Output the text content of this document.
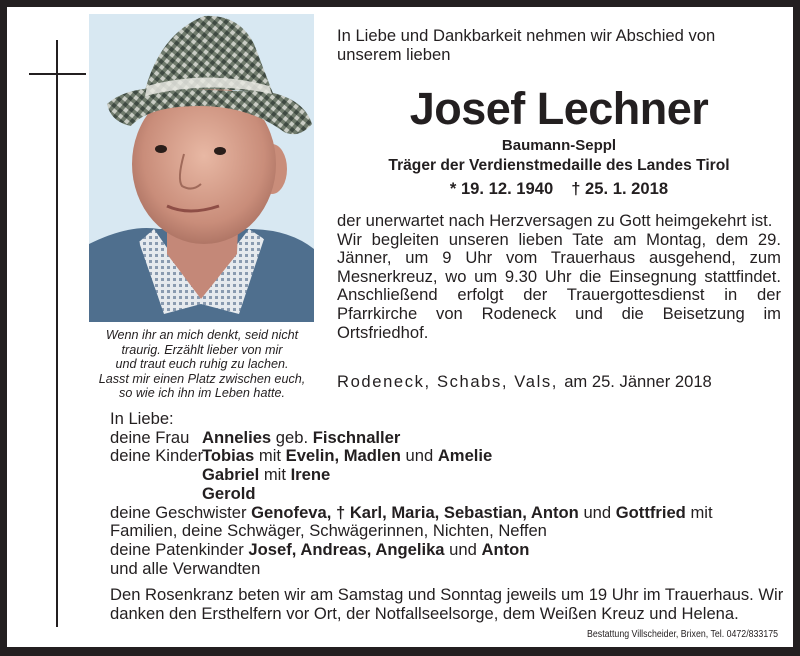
Wenn ihr an mich denkt, seid nicht
traurig. Erzählt lieber von mir
und traut euch ruhig zu lachen.
Lasst mir einen Platz zwischen euch,
so wie ich ihn im Leben hatte.
In Liebe und Dankbarkeit nehmen wir Abschied von unserem lieben
Josef Lechner
Baumann-Seppl
Träger der Verdienstmedaille des Landes Tirol
* 19. 12. 1940 † 25. 1. 2018

der unerwartet nach Herzversagen zu Gott heimgekehrt ist.

Wir begleiten unseren lieben Tate am Montag, dem 29. Jänner, um 9 Uhr vom Trauerhaus ausgehend, zum Mesnerkreuz, wo um 9.30 Uhr die Einsegnung stattfindet. Anschließend erfolgt der Trauergottesdienst in der Pfarrkirche von Rodeneck und die Beisetzung im Ortsfriedhof.

Rodeneck, Schabs, Vals, am 25. Jänner 2018
In Liebe:
deine Frau Annelies geb. Fischnaller
deine Kinder
Tobias mit Evelin, Madlen und Amelie
Gabriel mit Irene
Gerold
deine Geschwister Genofeva, † Karl, Maria, Sebastian, Anton und Gottfried mit
Familien, deine Schwäger, Schwägerinnen, Nichten, Neffen
deine Patenkinder Josef, Andreas, Angelika und Anton
und alle Verwandten
Den Rosenkranz beten wir am Samstag und Sonntag jeweils um 19 Uhr im Trauerhaus. Wir danken den Ersthelfern vor Ort, der Notfallseelsorge, dem Weißen Kreuz und Helena.
Bestattung Villscheider, Brixen, Tel. 0472/833175
